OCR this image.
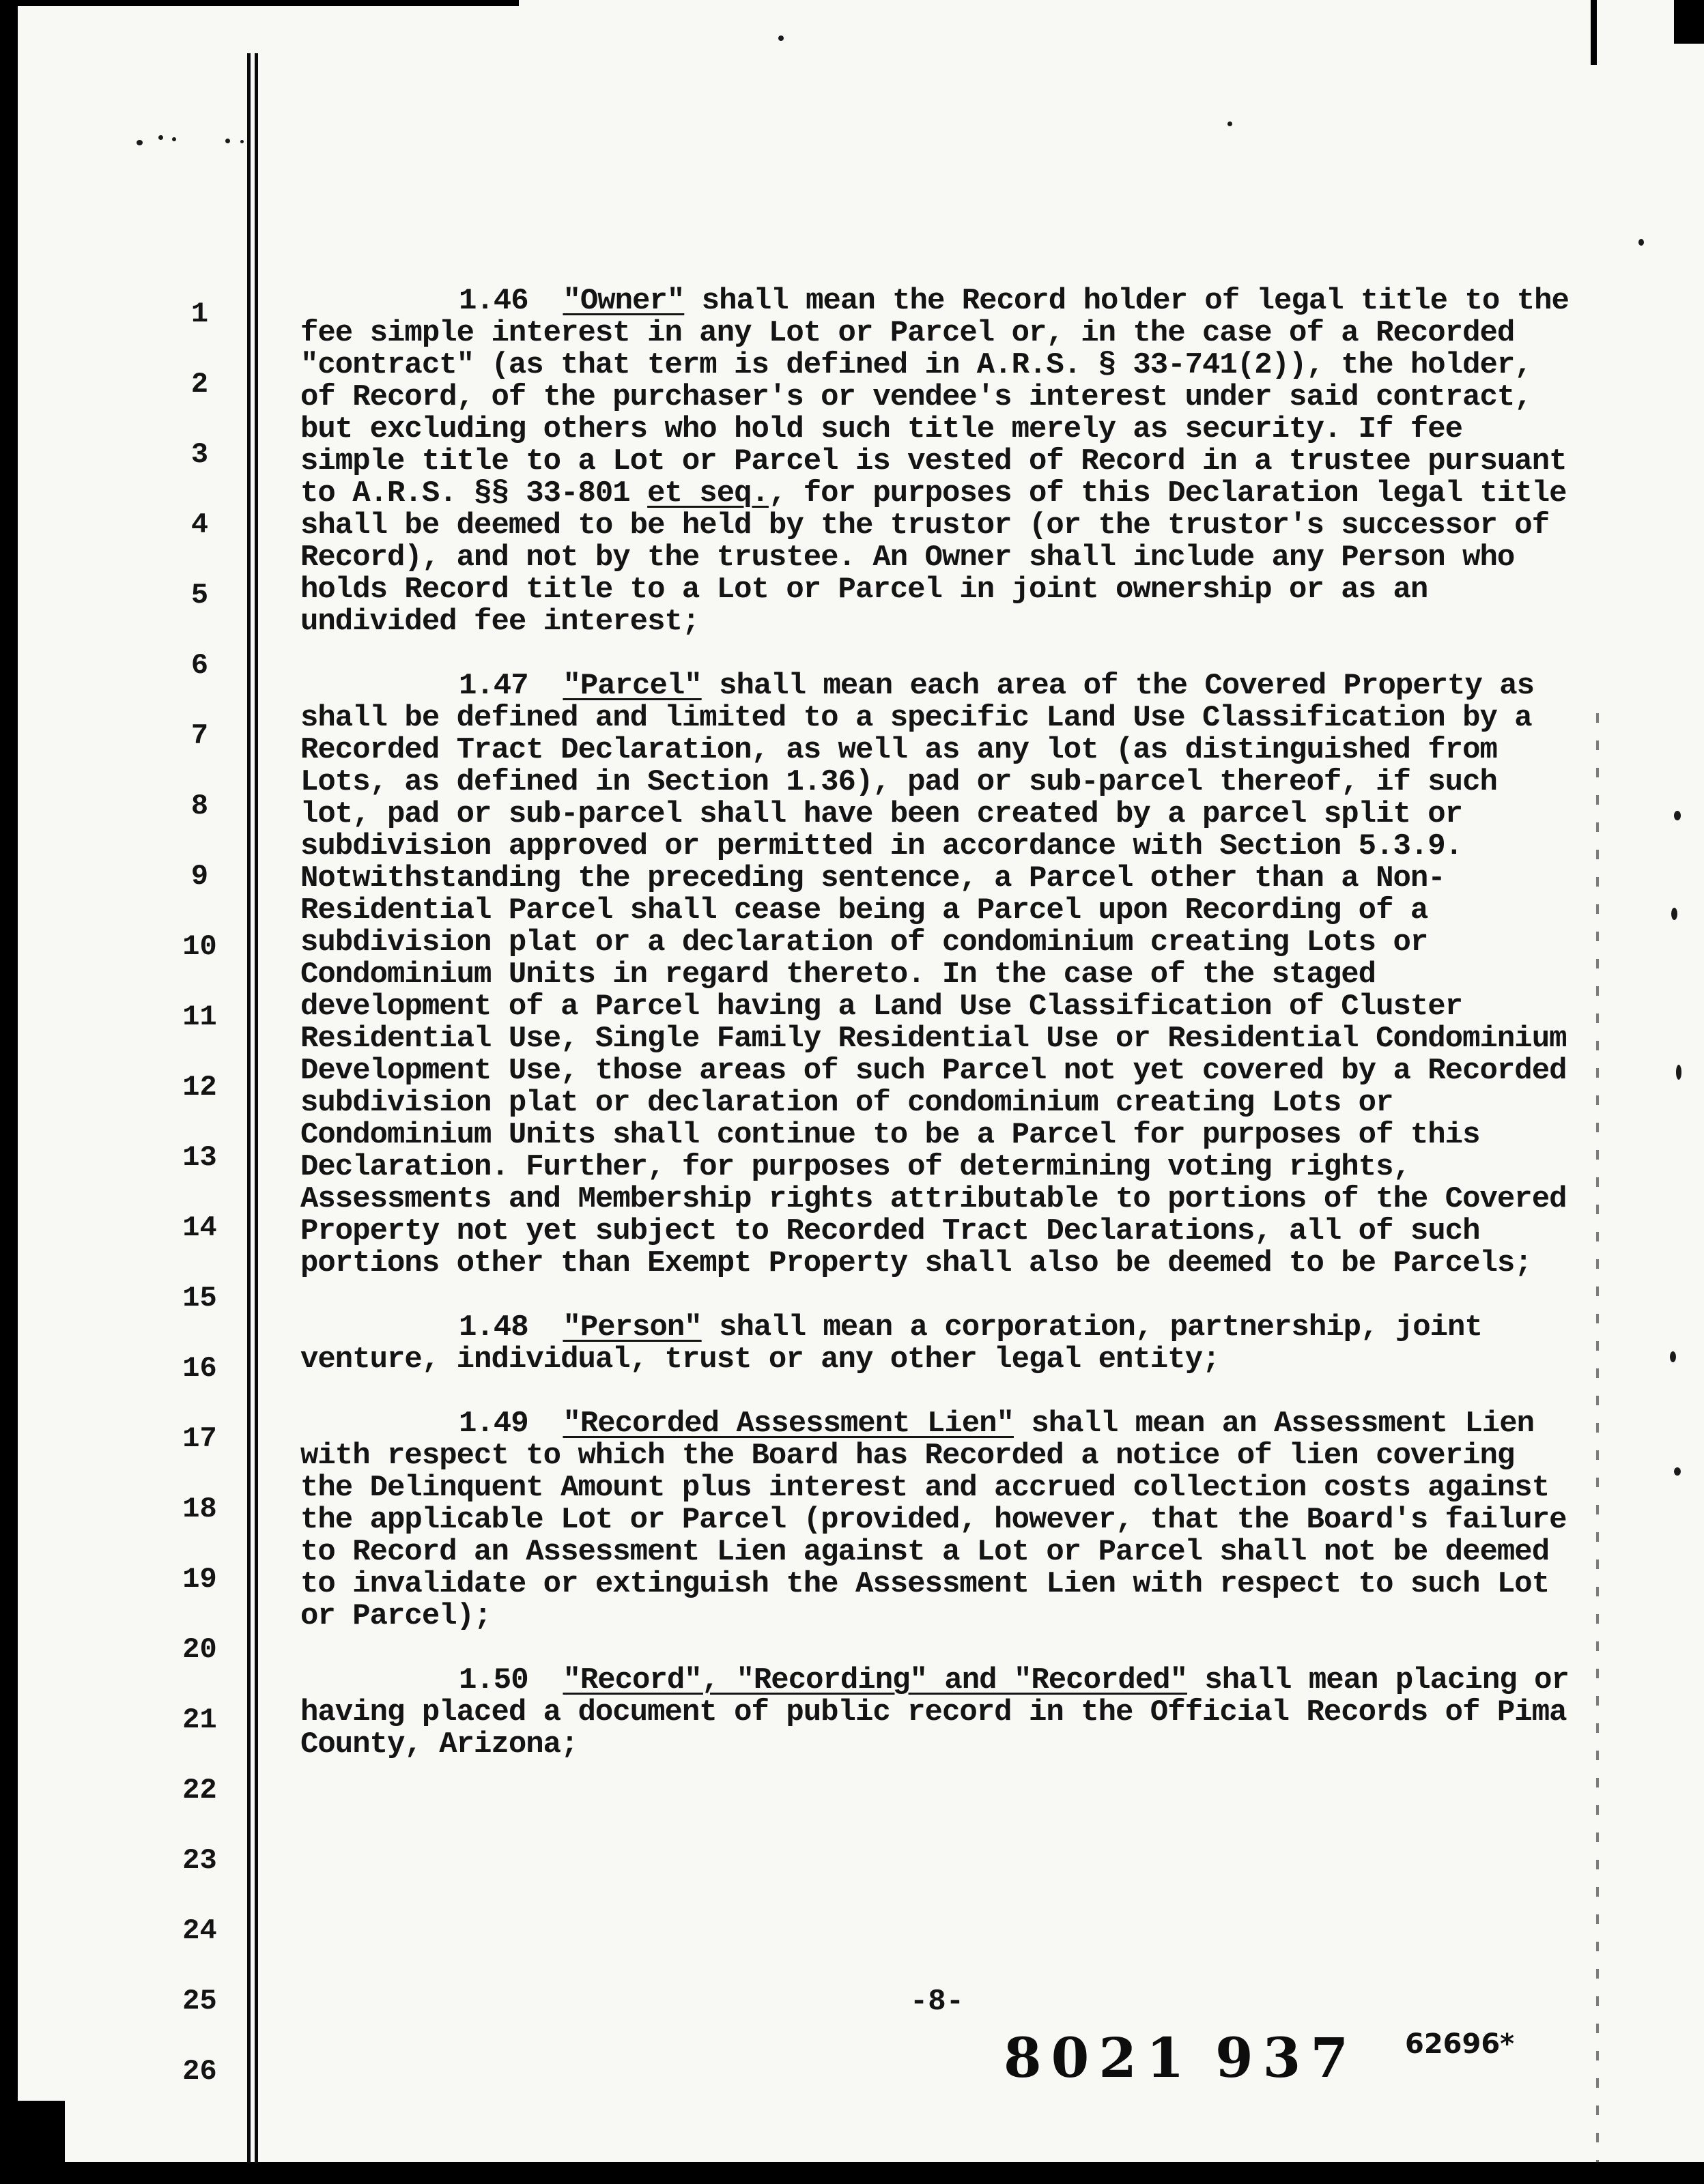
1
2
3
4
5
6
7
8
9
10
11
12
13
14
15
16
17
18
19
20
21
22
23
24
25
26

1.46  "Owner" shall mean the Record holder of legal title to the fee simple interest in any Lot or Parcel or, in the case of a Recorded "contract" (as that term is defined in A.R.S. § 33-741(2)), the holder, of Record, of the purchaser's or vendee's interest under said contract, but excluding others who hold such title merely as security. If fee simple title to a Lot or Parcel is vested of Record in a trustee pursuant to A.R.S. §§ 33-801 et seq., for purposes of this Declaration legal title shall be deemed to be held by the trustor (or the trustor's successor of Record), and not by the trustee. An Owner shall include any Person who holds Record title to a Lot or Parcel in joint ownership or as an undivided fee interest;

1.47  "Parcel" shall mean each area of the Covered Property as shall be defined and limited to a specific Land Use Classification by a Recorded Tract Declaration, as well as any lot (as distinguished from Lots, as defined in Section 1.36), pad or sub-parcel thereof, if such lot, pad or sub-parcel shall have been created by a parcel split or subdivision approved or permitted in accordance with Section 5.3.9. Notwithstanding the preceding sentence, a Parcel other than a Non-Residential Parcel shall cease being a Parcel upon Recording of a subdivision plat or a declaration of condominium creating Lots or Condominium Units in regard thereto. In the case of the staged development of a Parcel having a Land Use Classification of Cluster Residential Use, Single Family Residential Use or Residential Condominium Development Use, those areas of such Parcel not yet covered by a Recorded subdivision plat or declaration of condominium creating Lots or Condominium Units shall continue to be a Parcel for purposes of this Declaration. Further, for purposes of determining voting rights, Assessments and Membership rights attributable to portions of the Covered Property not yet subject to Recorded Tract Declarations, all of such portions other than Exempt Property shall also be deemed to be Parcels;

1.48  "Person" shall mean a corporation, partnership, joint venture, individual, trust or any other legal entity;

1.49  "Recorded Assessment Lien" shall mean an Assessment Lien with respect to which the Board has Recorded a notice of lien covering the Delinquent Amount plus interest and accrued collection costs against the applicable Lot or Parcel (provided, however, that the Board's failure to Record an Assessment Lien against a Lot or Parcel shall not be deemed to invalidate or extinguish the Assessment Lien with respect to such Lot or Parcel);

1.50  "Record", "Recording" and "Recorded" shall mean placing or having placed a document of public record in the Official Records of Pima County, Arizona;

-8-
8021 937 62696*
